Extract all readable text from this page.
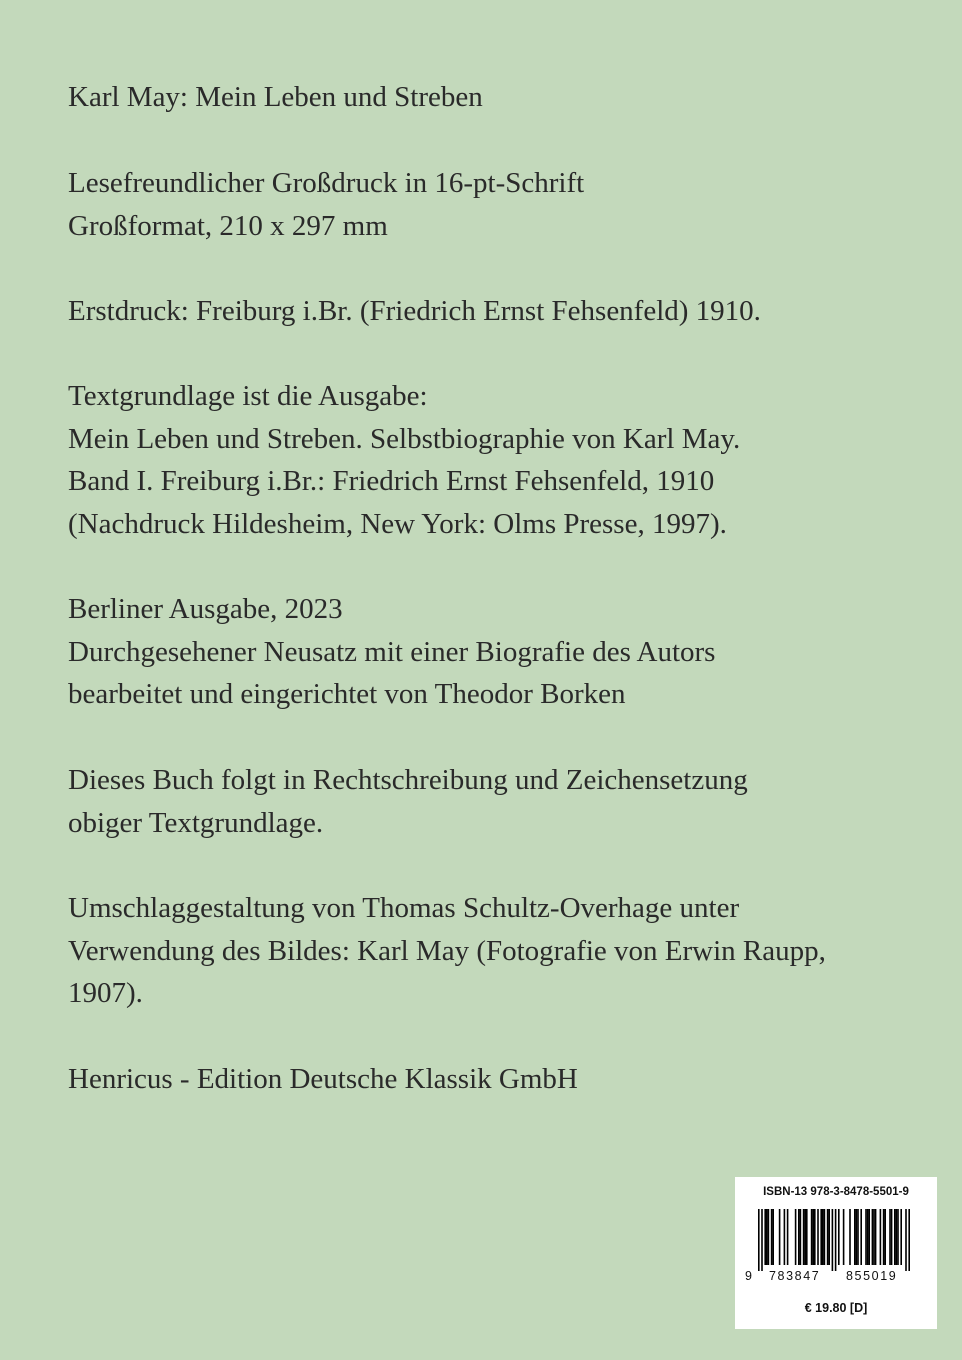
Karl May: Mein Leben und Streben
Lesefreundlicher Großdruck in 16-pt-Schrift
Großformat, 210 x 297 mm
Erstdruck: Freiburg i.Br. (Friedrich Ernst Fehsenfeld) 1910.
Textgrundlage ist die Ausgabe:
Mein Leben und Streben. Selbstbiographie von Karl May.
Band I. Freiburg i.Br.: Friedrich Ernst Fehsenfeld, 1910
(Nachdruck Hildesheim, New York: Olms Presse, 1997).
Berliner Ausgabe, 2023
Durchgesehener Neusatz mit einer Biografie des Autors
bearbeitet und eingerichtet von Theodor Borken
Dieses Buch folgt in Rechtschreibung und Zeichensetzung
obiger Textgrundlage.
Umschlaggestaltung von Thomas Schultz-Overhage unter
Verwendung des Bildes: Karl May (Fotografie von Erwin Raupp,
1907).
Henricus - Edition Deutsche Klassik GmbH
ISBN-13 978-3-8478-5501-9
9 783847 855019
€ 19.80 [D]
